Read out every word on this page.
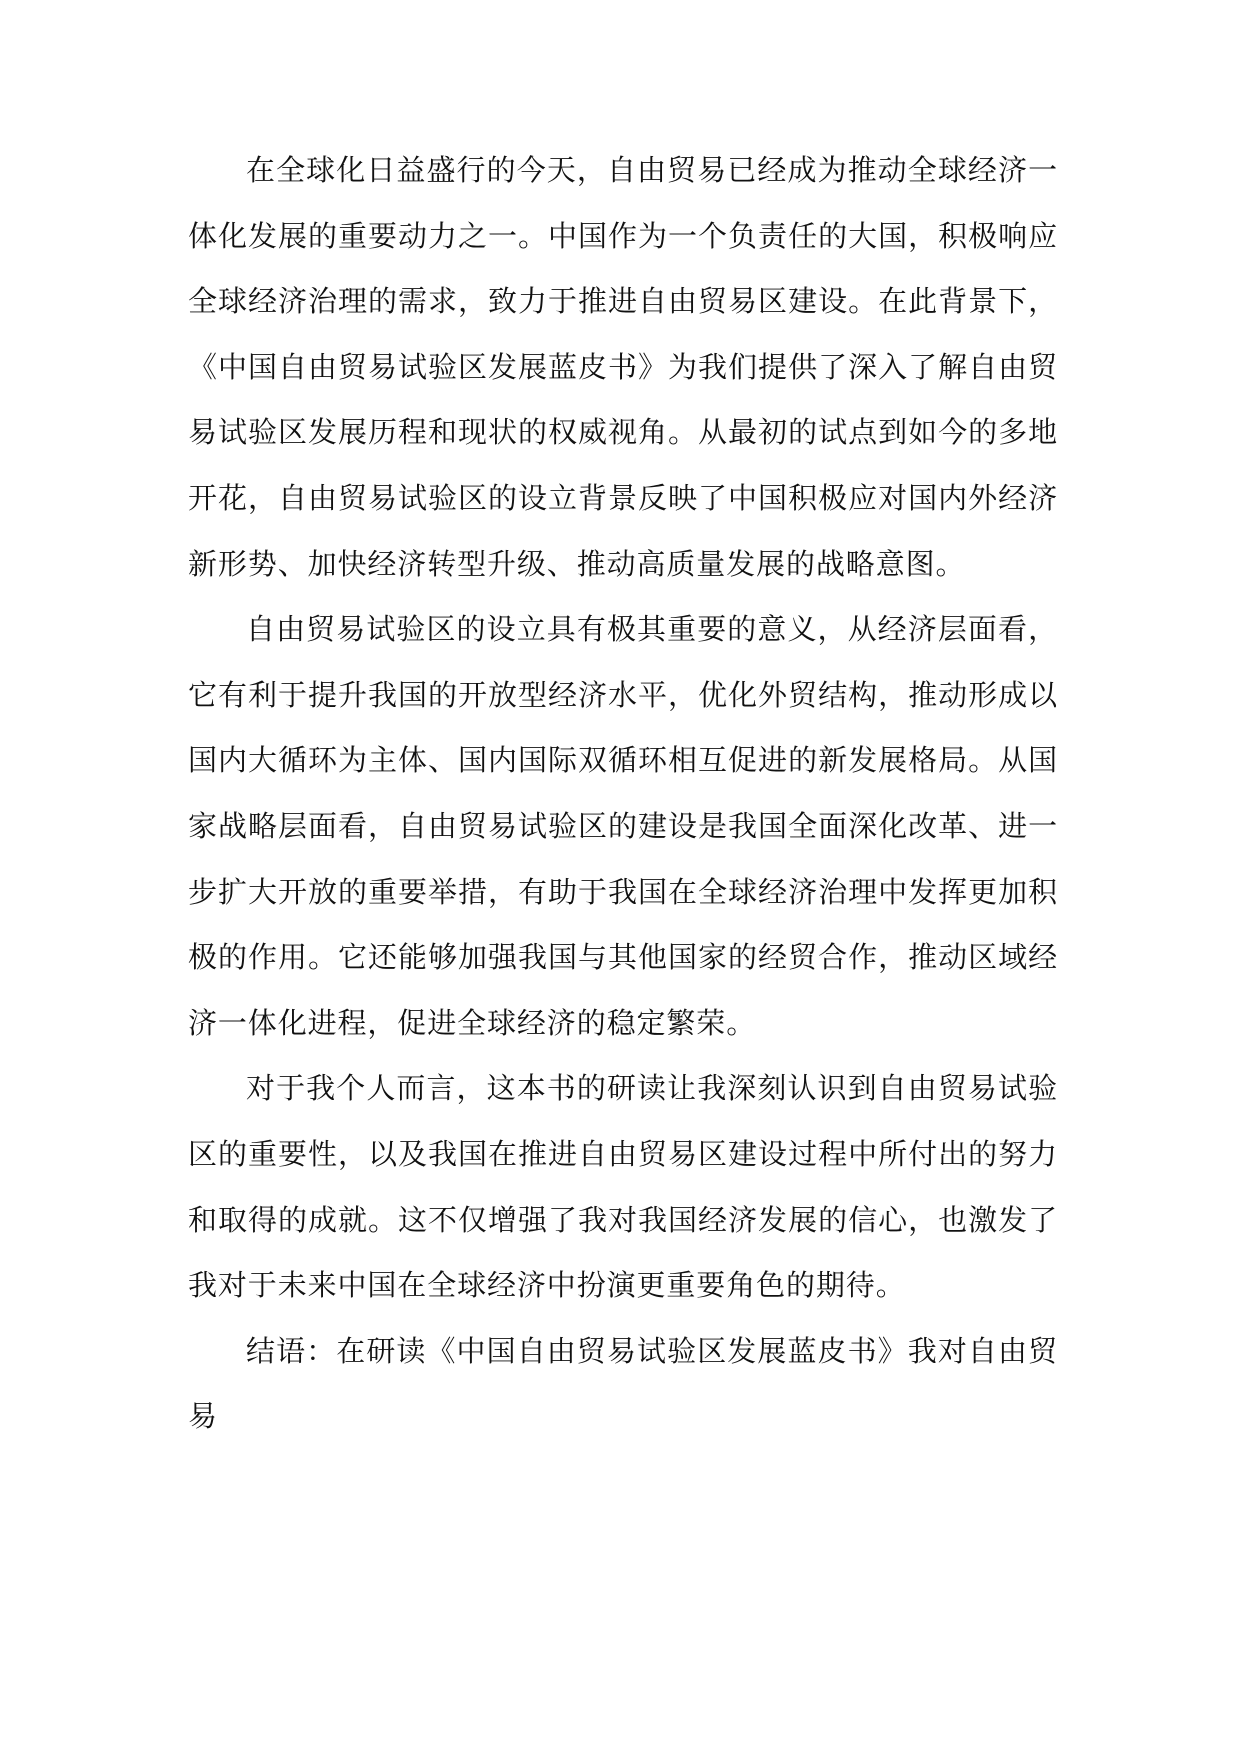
在全球化日益盛行的今天，自由贸易已经成为推动全球经济一体化发展的重要动力之一。中国作为一个负责任的大国，积极响应全球经济治理的需求，致力于推进自由贸易区建设。在此背景下，《中国自由贸易试验区发展蓝皮书》为我们提供了深入了解自由贸易试验区发展历程和现状的权威视角。从最初的试点到如今的多地开花，自由贸易试验区的设立背景反映了中国积极应对国内外经济新形势、加快经济转型升级、推动高质量发展的战略意图。

自由贸易试验区的设立具有极其重要的意义，从经济层面看，它有利于提升我国的开放型经济水平，优化外贸结构，推动形成以国内大循环为主体、国内国际双循环相互促进的新发展格局。从国家战略层面看，自由贸易试验区的建设是我国全面深化改革、进一步扩大开放的重要举措，有助于我国在全球经济治理中发挥更加积极的作用。它还能够加强我国与其他国家的经贸合作，推动区域经济一体化进程，促进全球经济的稳定繁荣。

对于我个人而言，这本书的研读让我深刻认识到自由贸易试验区的重要性，以及我国在推进自由贸易区建设过程中所付出的努力和取得的成就。这不仅增强了我对我国经济发展的信心，也激发了我对于未来中国在全球经济中扮演更重要角色的期待。

结语：在研读《中国自由贸易试验区发展蓝皮书》我对自由贸易
